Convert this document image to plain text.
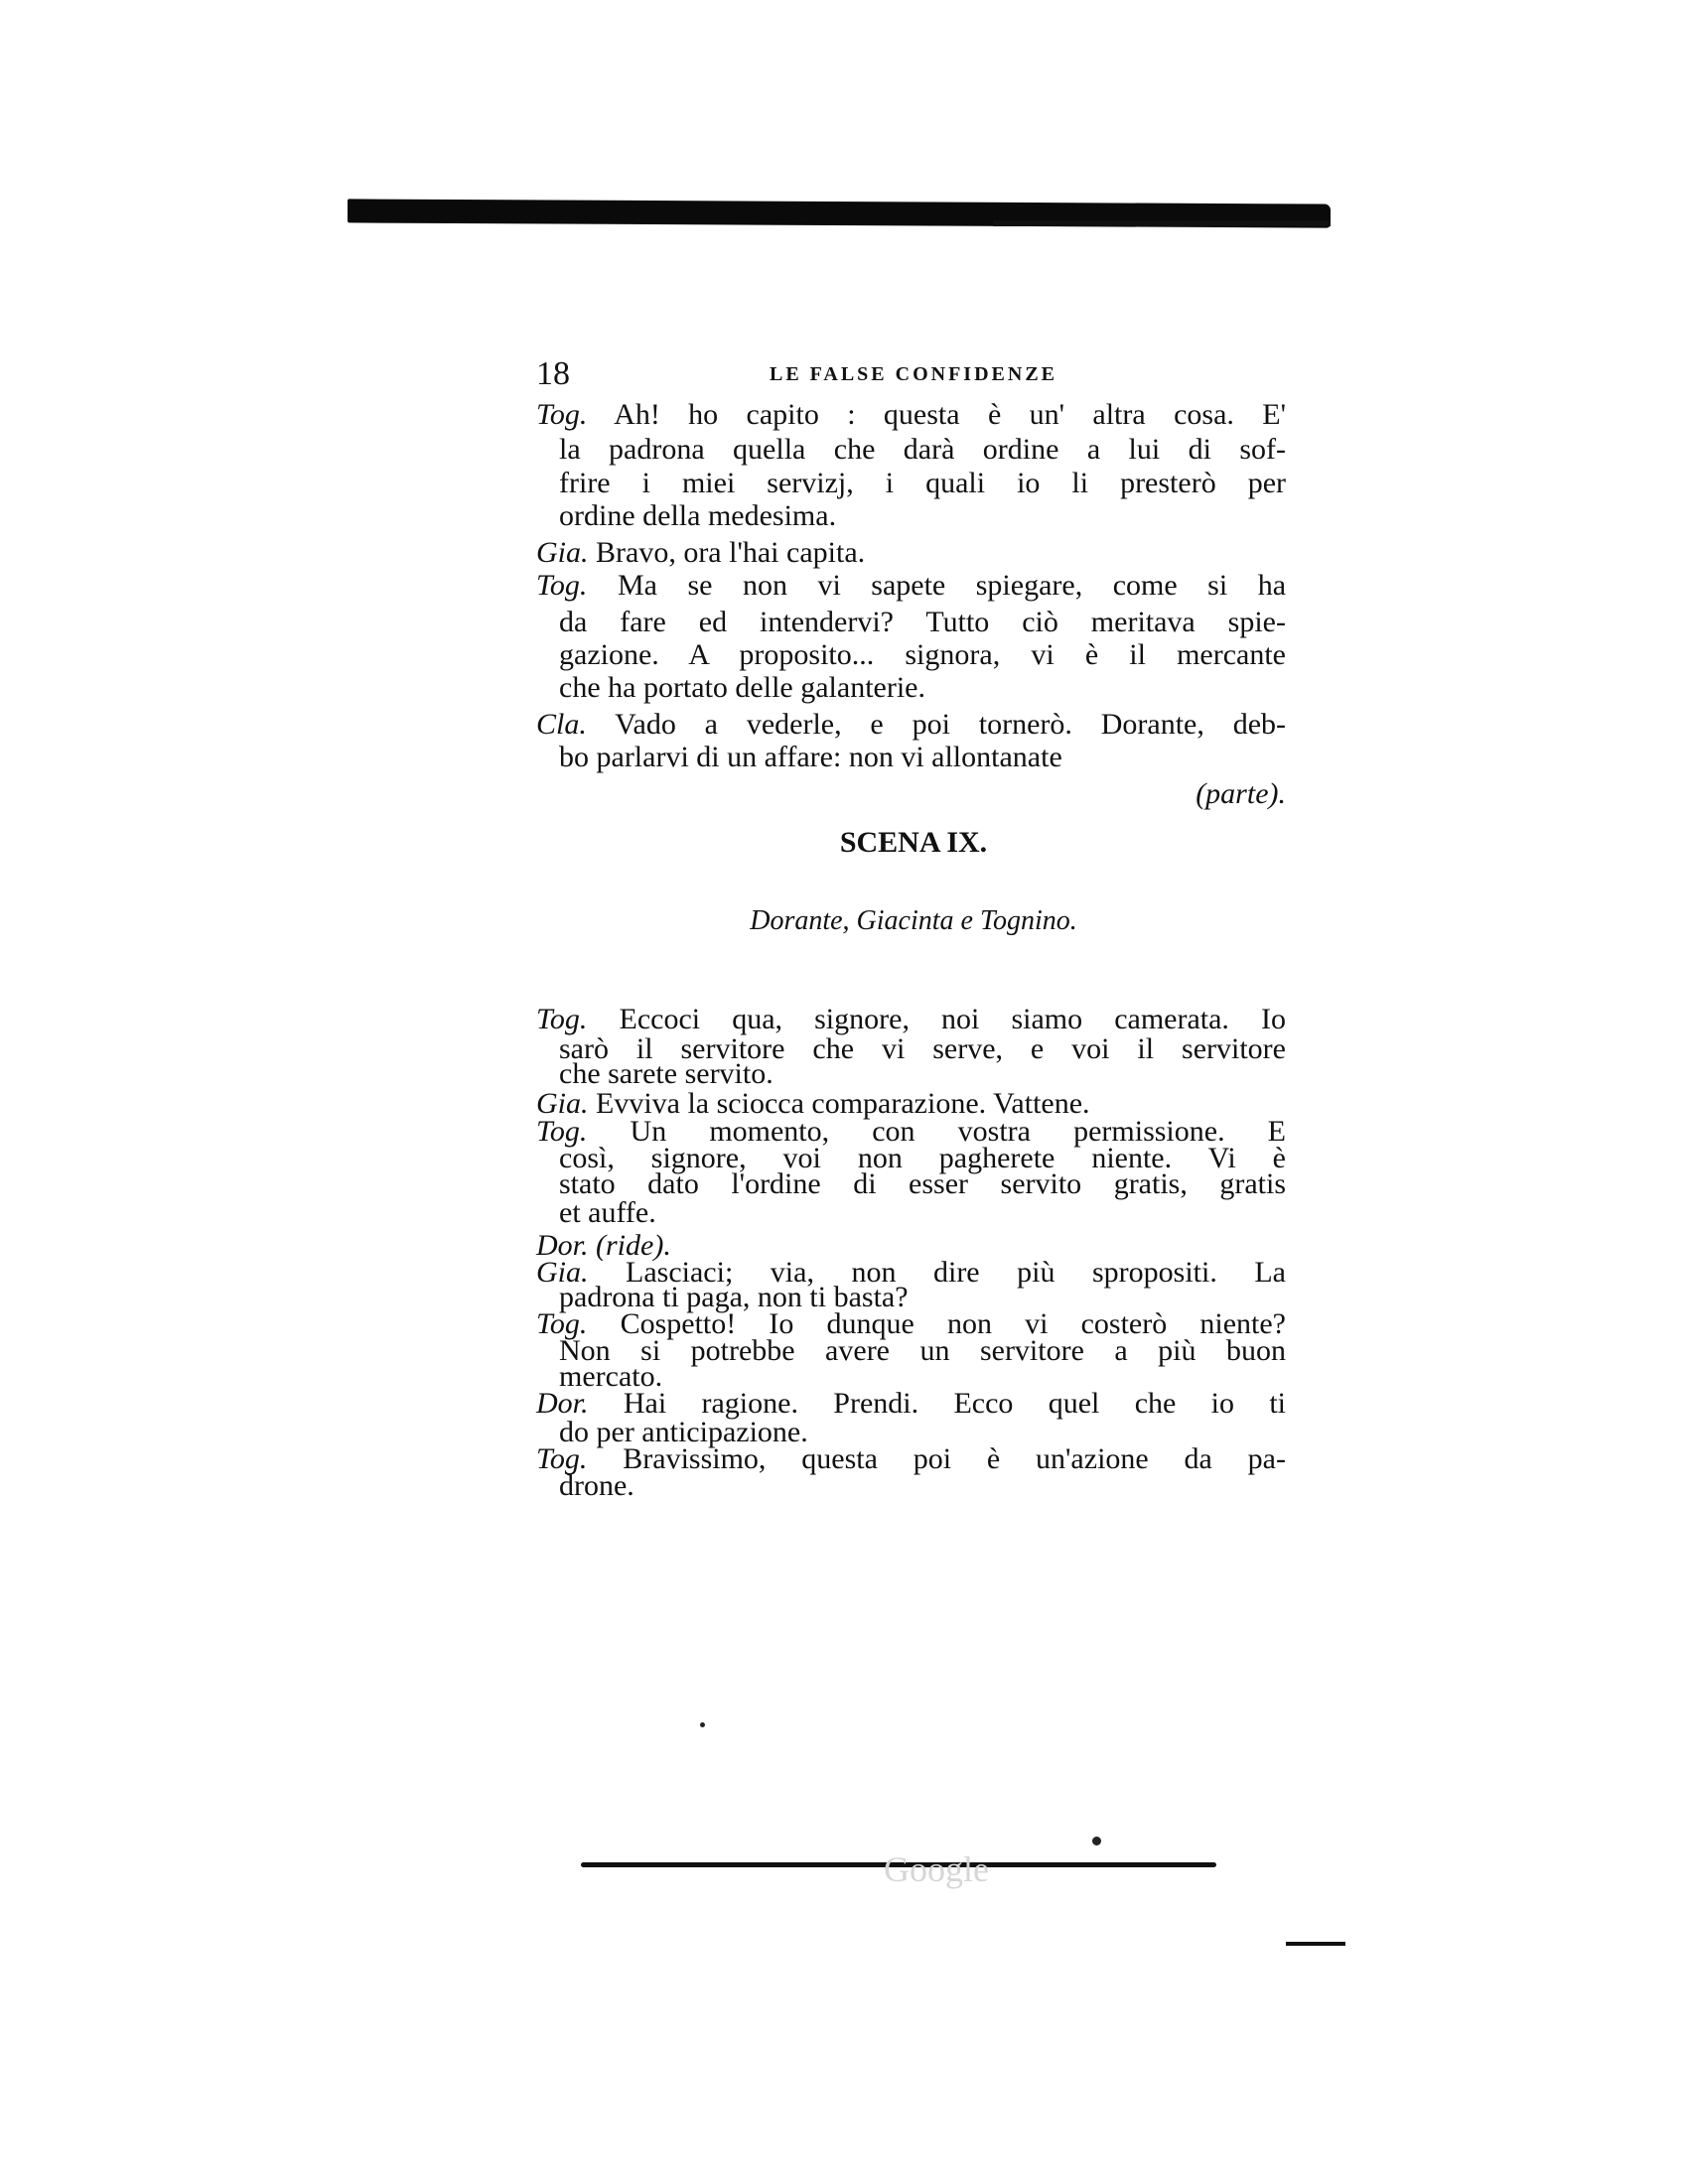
18	LE FALSE CONFIDENZE
Tog. Ah! ho capito : questa è un' altra cosa. E'
la padrona quella che darà ordine a lui di sof-
frire i miei servizj, i quali io li presterò per
ordine della medesima.
Gia. Bravo, ora l'hai capita.
Tog. Ma se non vi sapete spiegare, come si ha
da fare ed intendervi? Tutto ciò meritava spie-
gazione. A proposito... signora, vi è il mercante
che ha portato delle galanterie.
Cla. Vado a vederle, e poi tornerò. Dorante, deb-
bo parlarvi di un affare: non vi allontanate
(parte).
SCENA IX.
Dorante, Giacinta e Tognino.
Tog. Eccoci qua, signore, noi siamo camerata. Io
sarò il servitore che vi serve, e voi il servitore
che sarete servito.
Gia. Evviva la sciocca comparazione. Vattene.
Tog. Un momento, con vostra permissione. E
così, signore, voi non pagherete niente. Vi è
stato dato l'ordine di esser servito gratis, gratis
et auffe.
Dor. (ride).
Gia. Lasciaci; via, non dire più spropositi. La
padrona ti paga, non ti basta?
Tog. Cospetto! Io dunque non vi costerò niente?
Non si potrebbe avere un servitore a più buon
mercato.
Dor. Hai ragione. Prendi. Ecco quel che io ti
do per anticipazione.
Tog. Bravissimo, questa poi è un'azione da pa-
drone.
Google
